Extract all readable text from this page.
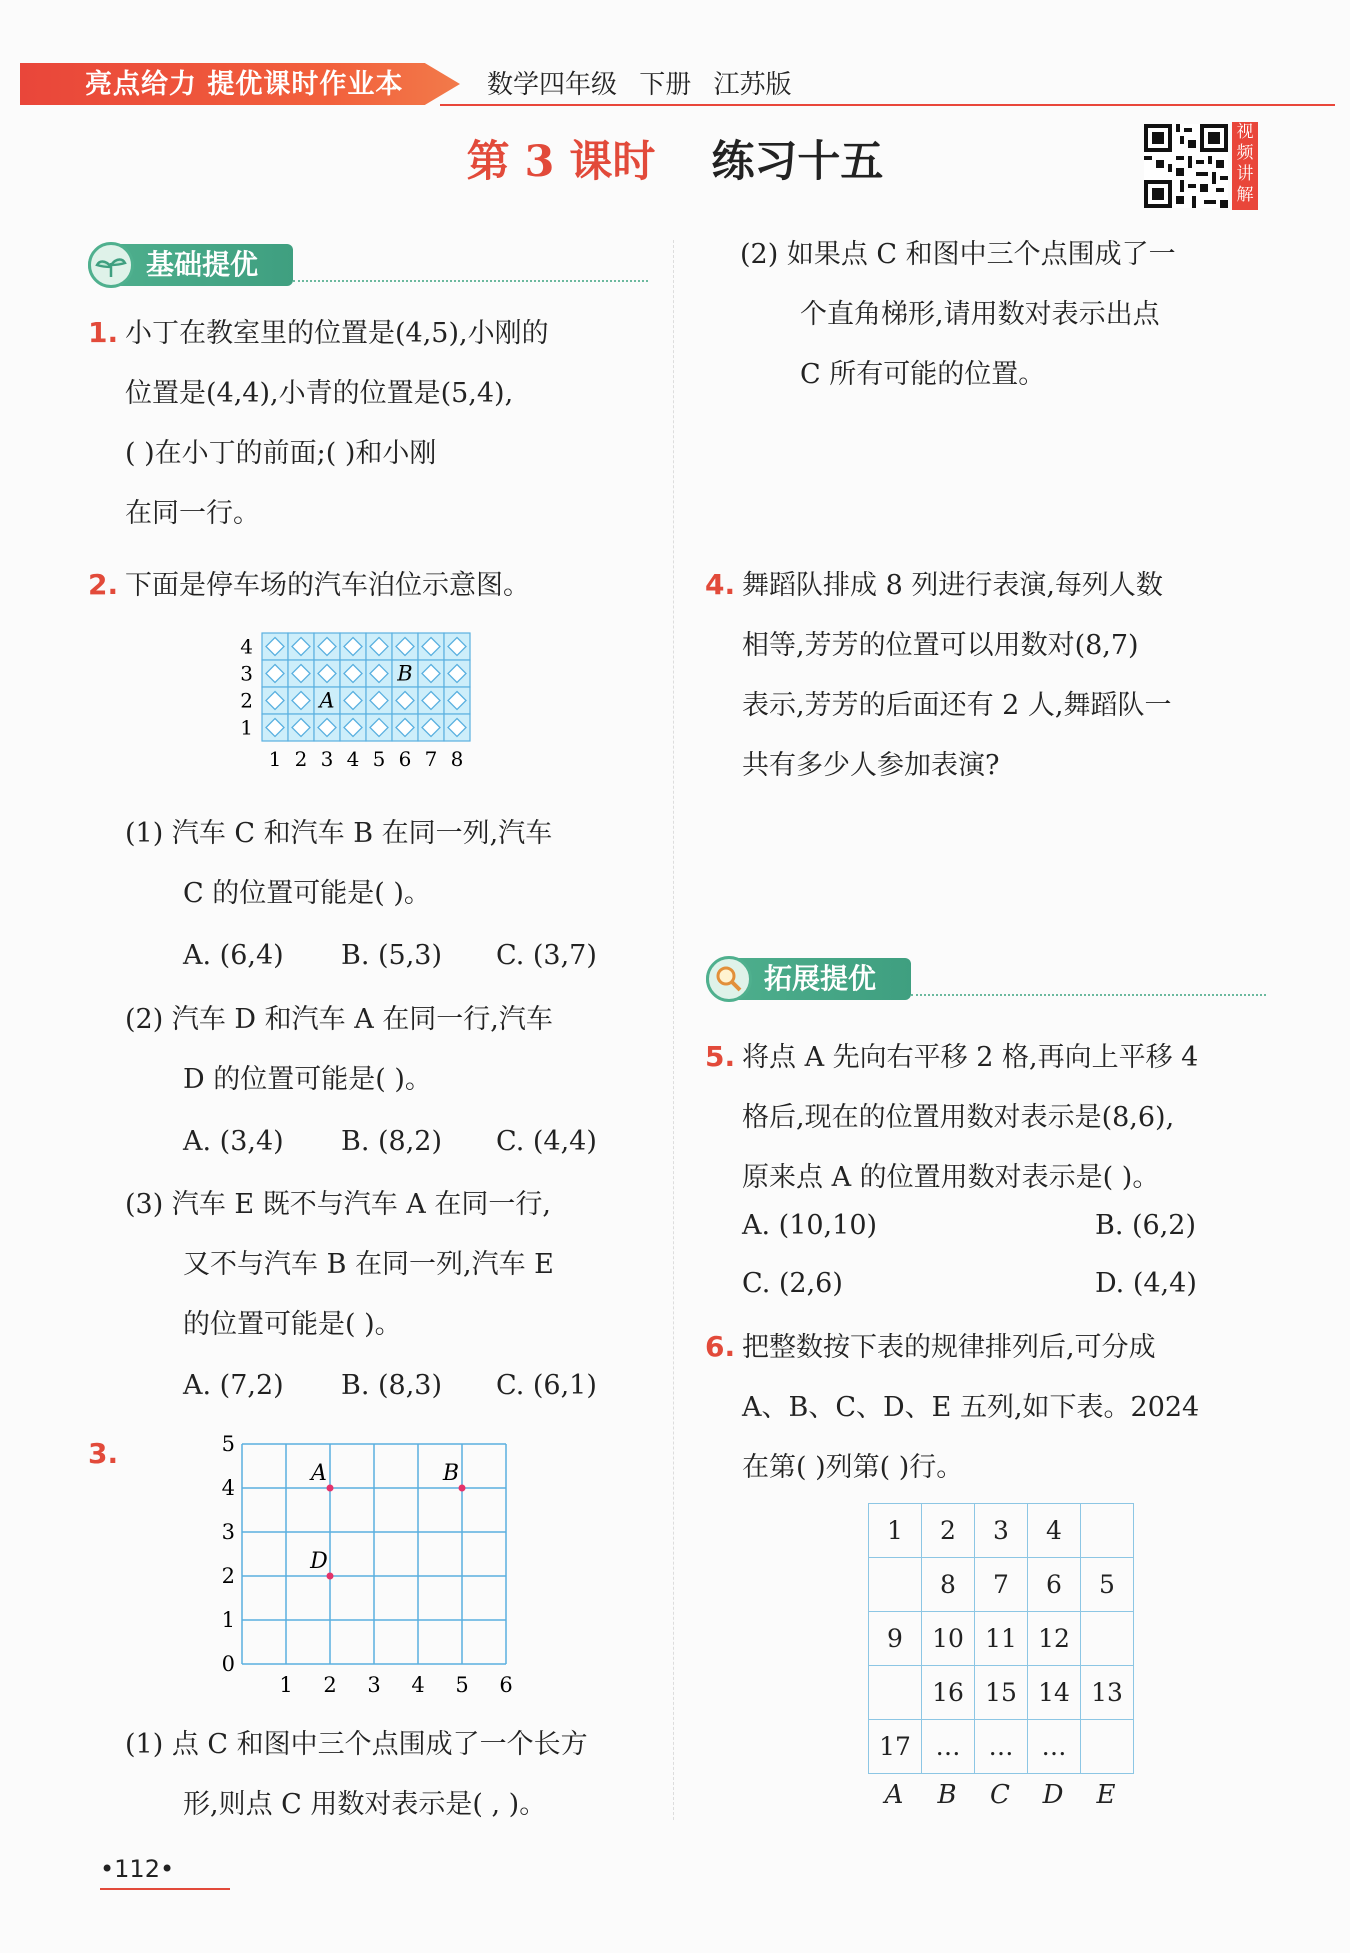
亮点给力 提优课时作业本	数学四年级 下册 江苏版
第 3 课时 练习十五
视频讲解
基础提优
1. 小丁在教室里的位置是(4,5),小刚的
位置是(4,4),小青的位置是(5,4),
( )在小丁的前面;( )和小刚
在同一行。
2. 下面是停车场的汽车泊位示意图。
B
A
1 2 3 4 5 6 7 8
1
2
3
4
(1) 汽车 C 和汽车 B 在同一列,汽车
C 的位置可能是( )。
A. (6,4) B. (5,3) C. (3,7)
(2) 汽车 D 和汽车 A 在同一行,汽车
D 的位置可能是( )。
A. (3,4) B. (8,2) C. (4,4)
(3) 汽车 E 既不与汽车 A 在同一行,
又不与汽车 B 在同一列,汽车 E
的位置可能是( )。
A. (7,2) B. (8,3) C. (6,1)
3.
1 2 3 4 5 6
0
1
2
3
4
5
A	B
D
(1) 点 C 和图中三个点围成了一个长方
形,则点 C 用数对表示是( , )。
(2) 如果点 C 和图中三个点围成了一
个直角梯形,请用数对表示出点
C 所有可能的位置。
4. 舞蹈队排成 8 列进行表演,每列人数
相等,芳芳的位置可以用数对(8,7)
表示,芳芳的后面还有 2 人,舞蹈队一
共有多少人参加表演?
拓展提优
5. 将点 A 先向右平移 2 格,再向上平移 4
格后,现在的位置用数对表示是(8,6),
原来点 A 的位置用数对表示是( )。
A. (10,10)	B. (6,2)
C. (2,6)	D. (4,4)
6. 把整数按下表的规律排列后,可分成
A、B、C、D、E 五列,如下表。2024
在第( )列第( )行。
1	2	3	4	
	8	7	6	5
9	10	11	12	
	16	15	14	13
17	…	…	…	
A	B	C	D	E
•112•
